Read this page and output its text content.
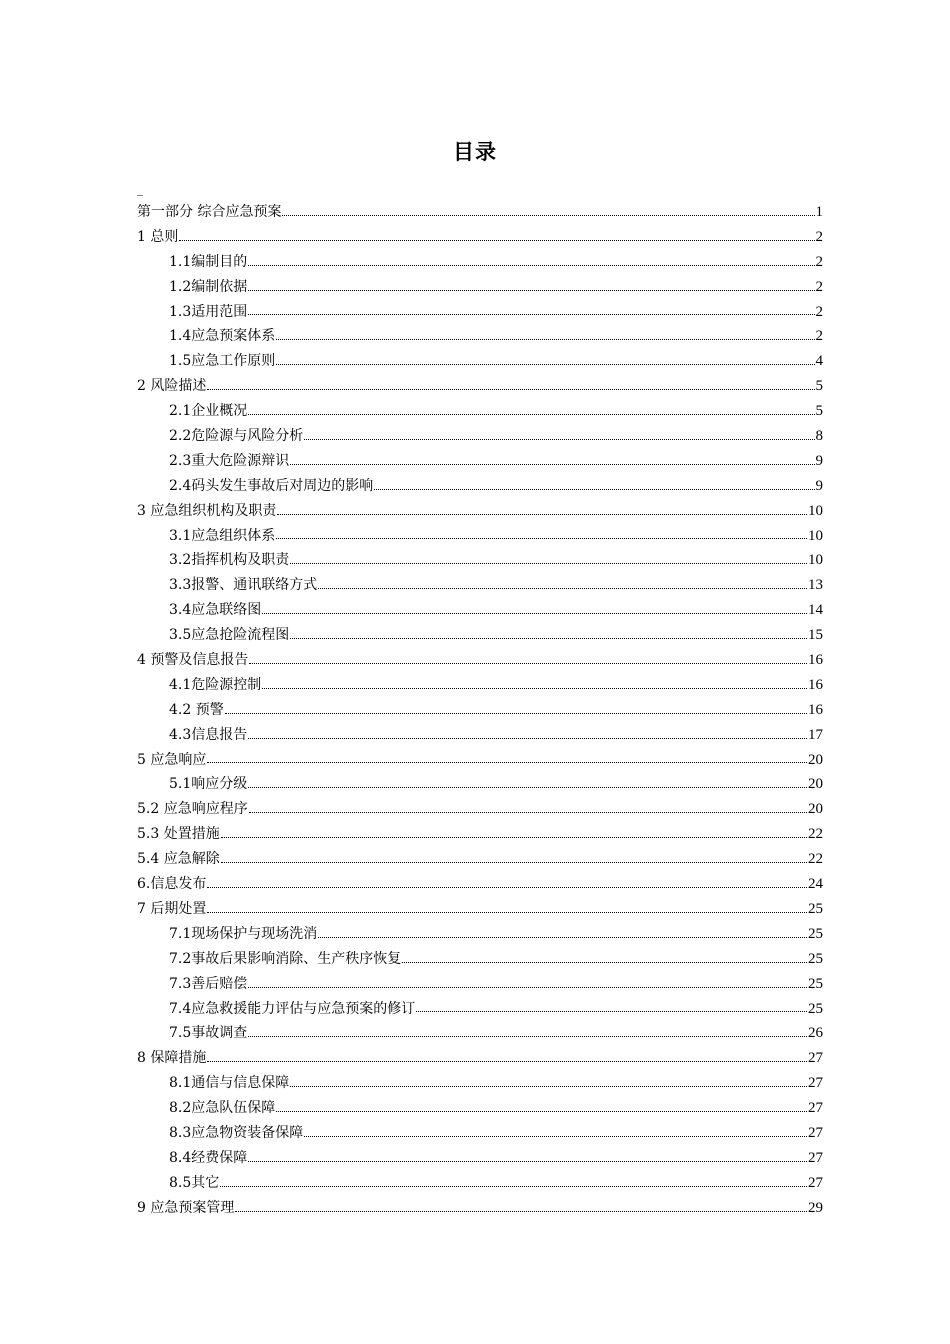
目录
_
第一部分 综合应急预案	1
1 总则	2
1.1编制目的	2
1.2编制依据	2
1.3适用范围	2
1.4应急预案体系	2
1.5应急工作原则	4
2 风险描述	5
2.1企业概况	5
2.2危险源与风险分析	8
2.3重大危险源辩识	9
2.4码头发生事故后对周边的影响	9
3 应急组织机构及职责	10
3.1应急组织体系	10
3.2指挥机构及职责	10
3.3报警、通讯联络方式	13
3.4应急联络图	14
3.5应急抢险流程图	15
4 预警及信息报告	16
4.1危险源控制	16
4.2 预警	16
4.3信息报告	17
5 应急响应	20
5.1响应分级	20
5.2 应急响应程序	20
5.3 处置措施	22
5.4 应急解除	22
6.信息发布	24
7 后期处置	25
7.1现场保护与现场洗消	25
7.2事故后果影响消除、生产秩序恢复	25
7.3善后赔偿	25
7.4应急救援能力评估与应急预案的修订	25
7.5事故调查	26
8 保障措施	27
8.1通信与信息保障	27
8.2应急队伍保障	27
8.3应急物资装备保障	27
8.4经费保障	27
8.5其它	27
9 应急预案管理	29
